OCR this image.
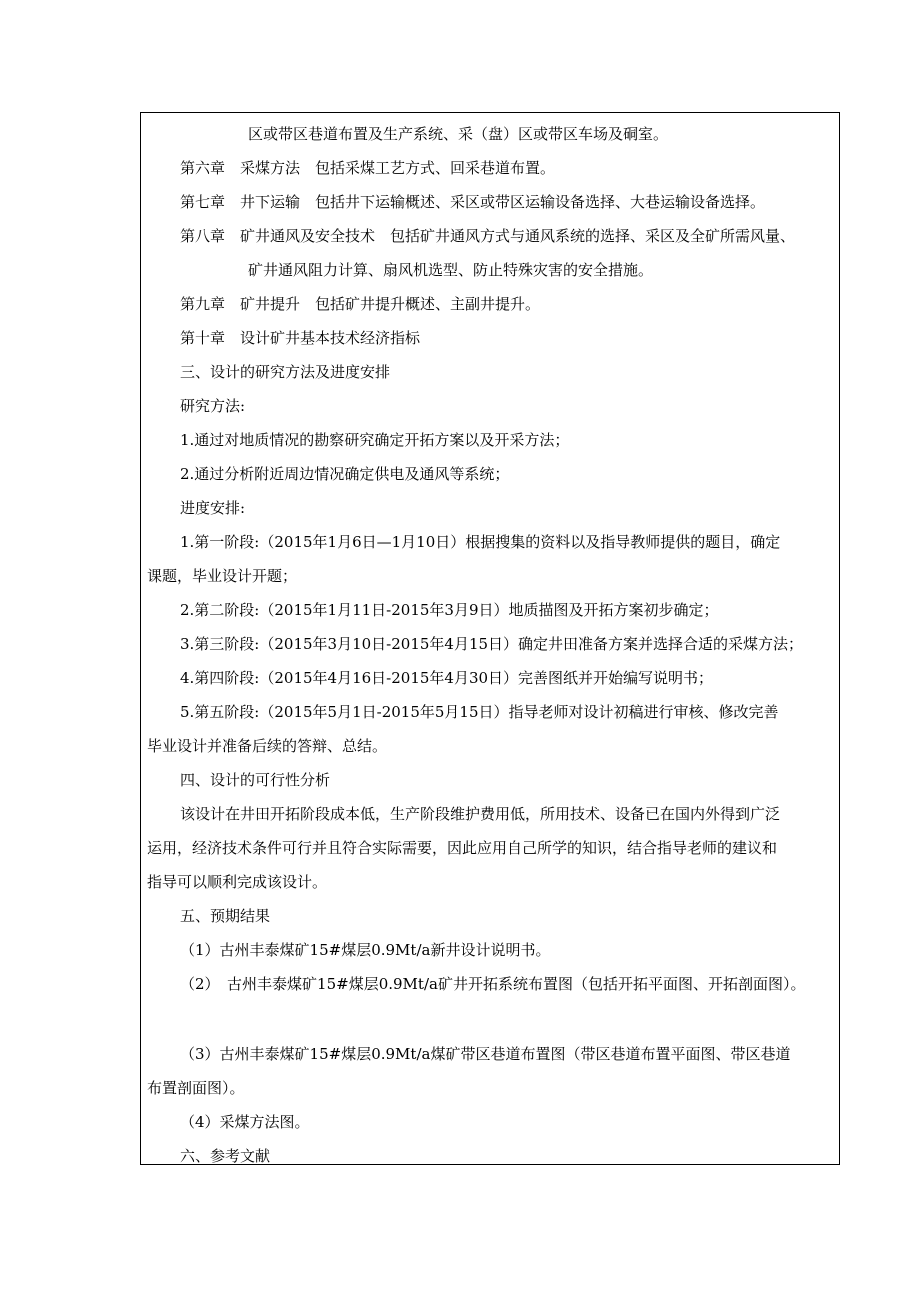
区或带区巷道布置及生产系统、采（盘）区或带区车场及硐室。
第六章　采煤方法　包括采煤工艺方式、回采巷道布置。
第七章　井下运输　包括井下运输概述、采区或带区运输设备选择、大巷运输设备选择。
第八章　矿井通风及安全技术　包括矿井通风方式与通风系统的选择、采区及全矿所需风量、
矿井通风阻力计算、扇风机选型、防止特殊灾害的安全措施。
第九章　矿井提升　包括矿井提升概述、主副井提升。
第十章　设计矿井基本技术经济指标
三、设计的研究方法及进度安排
研究方法:
1.通过对地质情况的勘察研究确定开拓方案以及开采方法；
2.通过分析附近周边情况确定供电及通风等系统；
进度安排:
1.第一阶段:（2015年1月6日—1月10日）根据搜集的资料以及指导教师提供的题目，确定
课题，毕业设计开题；
2.第二阶段:（2015年1月11日-2015年3月9日）地质描图及开拓方案初步确定；
3.第三阶段:（2015年3月10日-2015年4月15日）确定井田准备方案并选择合适的采煤方法；
4.第四阶段:（2015年4月16日-2015年4月30日）完善图纸并开始编写说明书；
5.第五阶段:（2015年5月1日-2015年5月15日）指导老师对设计初稿进行审核、修改完善
毕业设计并准备后续的答辩、总结。
四、设计的可行性分析
该设计在井田开拓阶段成本低，生产阶段维护费用低，所用技术、设备已在国内外得到广泛
运用，经济技术条件可行并且符合实际需要，因此应用自己所学的知识，结合指导老师的建议和
指导可以顺利完成该设计。
五、预期结果
（1）古州丰泰煤矿15#煤层0.9Mt/a新井设计说明书。
（2）　古州丰泰煤矿15#煤层0.9Mt/a矿井开拓系统布置图（包括开拓平面图、开拓剖面图）。
（3）古州丰泰煤矿15#煤层0.9Mt/a煤矿带区巷道布置图（带区巷道布置平面图、带区巷道
布置剖面图）。
（4）采煤方法图。
六、参考文献
